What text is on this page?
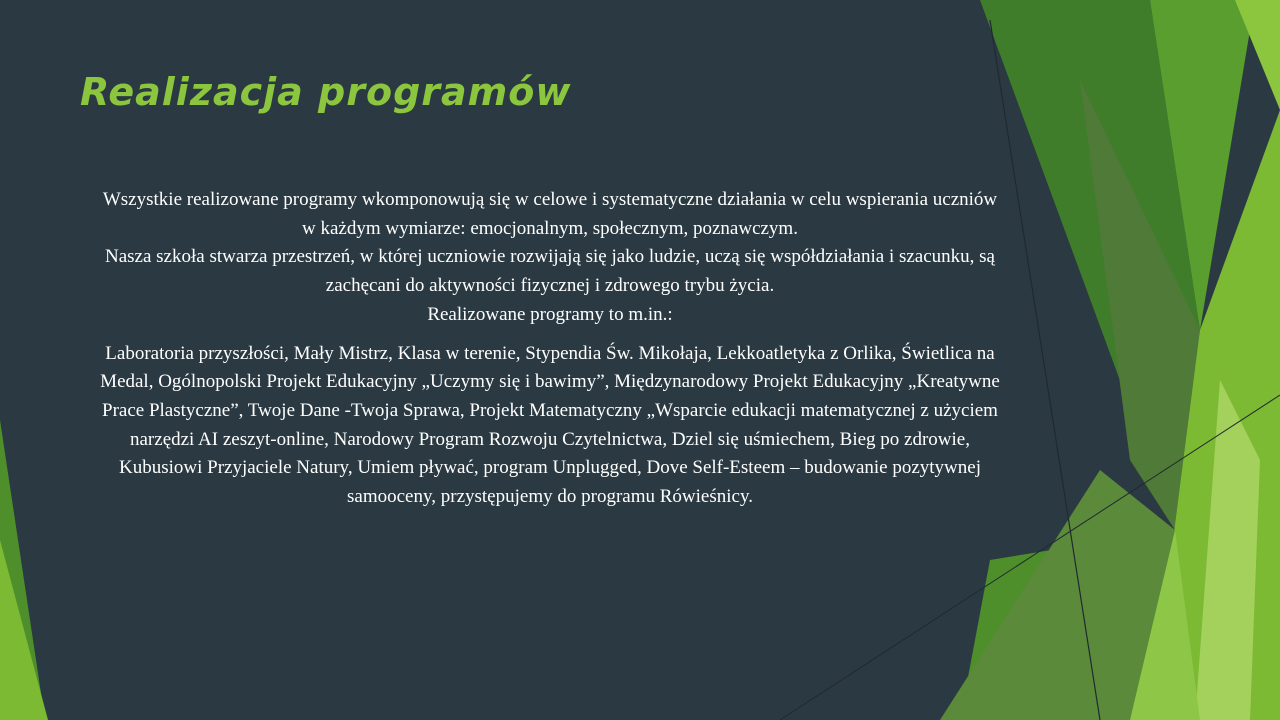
Realizacja programów

Wszystkie realizowane programy wkomponowują się w celowe i systematyczne działania w celu wspierania uczniów w każdym wymiarze: emocjonalnym, społecznym, poznawczym.

Nasza szkoła stwarza przestrzeń, w której uczniowie rozwijają się jako ludzie, uczą się współdziałania i szacunku, są zachęcani do aktywności fizycznej i zdrowego trybu życia.

Realizowane programy to m.in.:

Laboratoria przyszłości, Mały Mistrz, Klasa w terenie, Stypendia Św. Mikołaja, Lekkoatletyka z Orlika, Świetlica na Medal, Ogólnopolski Projekt Edukacyjny „Uczymy się i bawimy”, Międzynarodowy Projekt Edukacyjny „Kreatywne Prace Plastyczne”, Twoje Dane -Twoja Sprawa, Projekt Matematyczny „Wsparcie edukacji matematycznej z użyciem narzędzi AI zeszyt-online, Narodowy Program Rozwoju Czytelnictwa, Dziel się uśmiechem, Bieg po zdrowie, Kubusiowi Przyjaciele Natury, Umiem pływać, program Unplugged, Dove Self-Esteem – budowanie pozytywnej samooceny, przystępujemy do programu Rówieśnicy.
